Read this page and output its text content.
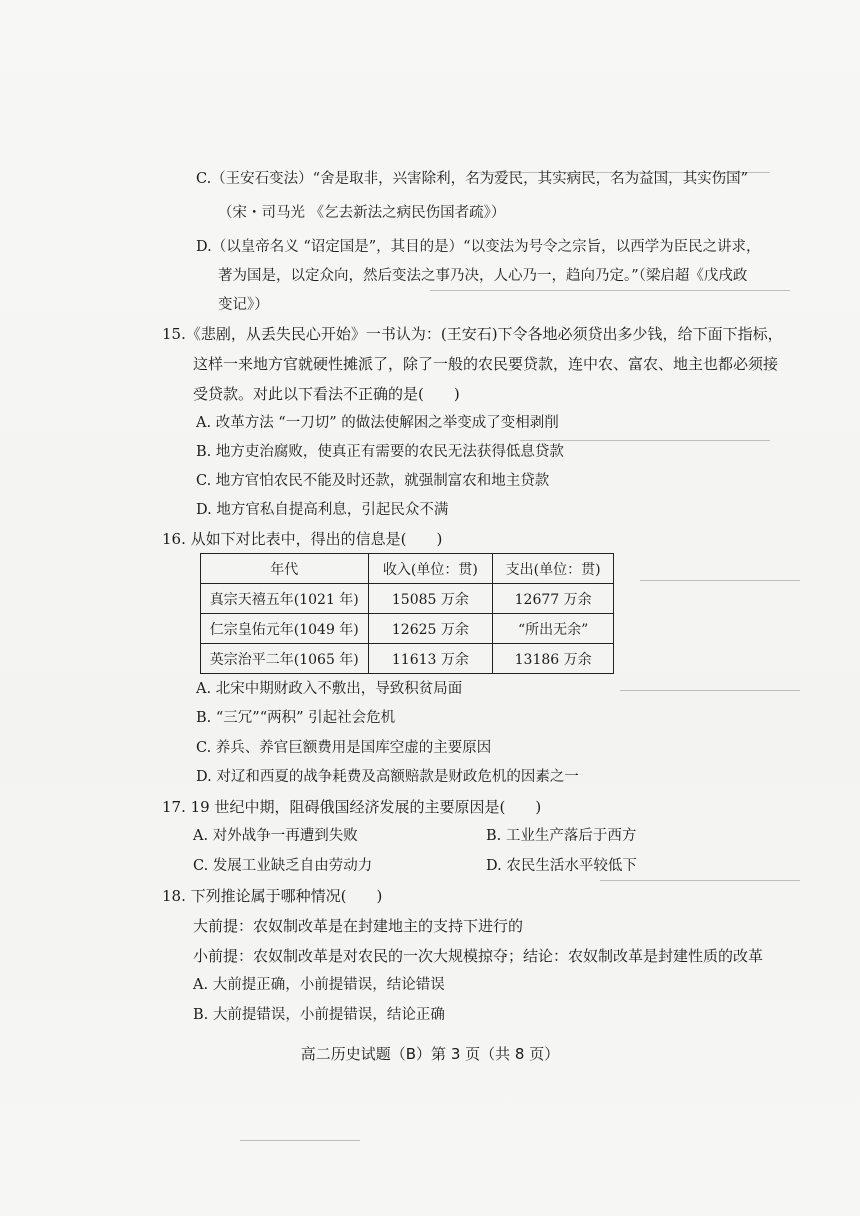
C.（王安石变法）“舍是取非，兴害除利，名为爱民，其实病民，名为益国，其实伤国”
（宋・司马光 《乞去新法之病民伤国者疏》）
D.（以皇帝名义 “诏定国是”，其目的是）“以变法为号令之宗旨，以西学为臣民之讲求，
著为国是，以定众向，然后变法之事乃决，人心乃一，趋向乃定。”（梁启超《戊戌政
变记》）
15.《悲剧，从丢失民心开始》一书认为：(王安石)下令各地必须贷出多少钱，给下面下指标，
这样一来地方官就硬性摊派了，除了一般的农民要贷款，连中农、富农、地主也都必须接
受贷款。对此以下看法不正确的是(　　)
A. 改革方法 “一刀切” 的做法使解困之举变成了变相剥削
B. 地方吏治腐败，使真正有需要的农民无法获得低息贷款
C. 地方官怕农民不能及时还款，就强制富农和地主贷款
D. 地方官私自提高利息，引起民众不满
16. 从如下对比表中，得出的信息是(　　)
年代	收入(单位：贯)	支出(单位：贯)
真宗天禧五年(1021 年)	15085 万余	12677 万余
仁宗皇佑元年(1049 年)	12625 万余	“所出无余”
英宗治平二年(1065 年)	11613 万余	13186 万余
A. 北宋中期财政入不敷出，导致积贫局面
B. “三冗”“两积” 引起社会危机
C. 养兵、养官巨额费用是国库空虚的主要原因
D. 对辽和西夏的战争耗费及高额赔款是财政危机的因素之一
17. 19 世纪中期，阻碍俄国经济发展的主要原因是(　　)
A. 对外战争一再遭到失败	B. 工业生产落后于西方
C. 发展工业缺乏自由劳动力	D. 农民生活水平较低下
18. 下列推论属于哪种情况(　　)
大前提：农奴制改革是在封建地主的支持下进行的
小前提：农奴制改革是对农民的一次大规模掠夺；结论：农奴制改革是封建性质的改革
A. 大前提正确，小前提错误，结论错误
B. 大前提错误，小前提错误，结论正确
高二历史试题（B）第 3 页（共 8 页）
